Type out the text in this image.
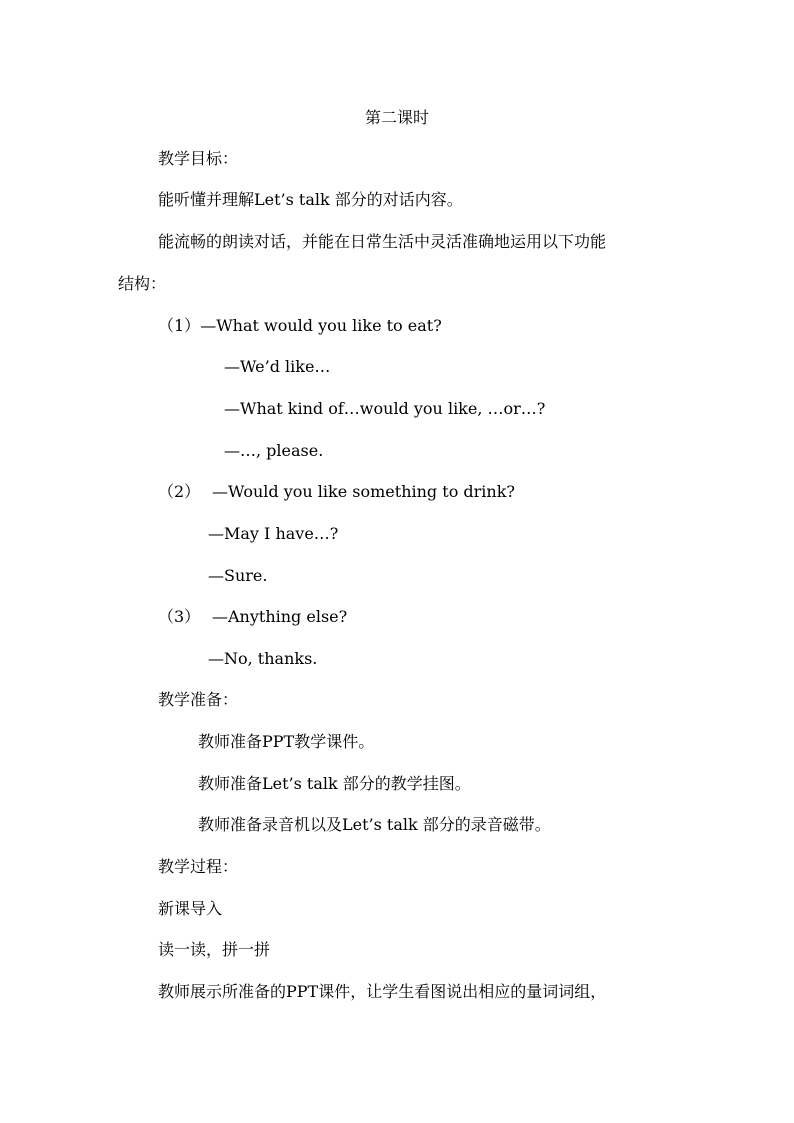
第二课时
教学目标：
能听懂并理解Let’s talk 部分的对话内容。
能流畅的朗读对话，并能在日常生活中灵活准确地运用以下功能
结构：
（1）—What would you like to eat?
—We’d like…
—What kind of…would you like, …or…?
—…, please.
（2） —Would you like something to drink?
—May I have…?
—Sure.
（3） —Anything else?
—No, thanks.
教学准备：
教师准备PPT教学课件。
教师准备Let’s talk 部分的教学挂图。
教师准备录音机以及Let’s talk 部分的录音磁带。
教学过程：
新课导入
读一读，拼一拼
教师展示所准备的PPT课件，让学生看图说出相应的量词词组，
